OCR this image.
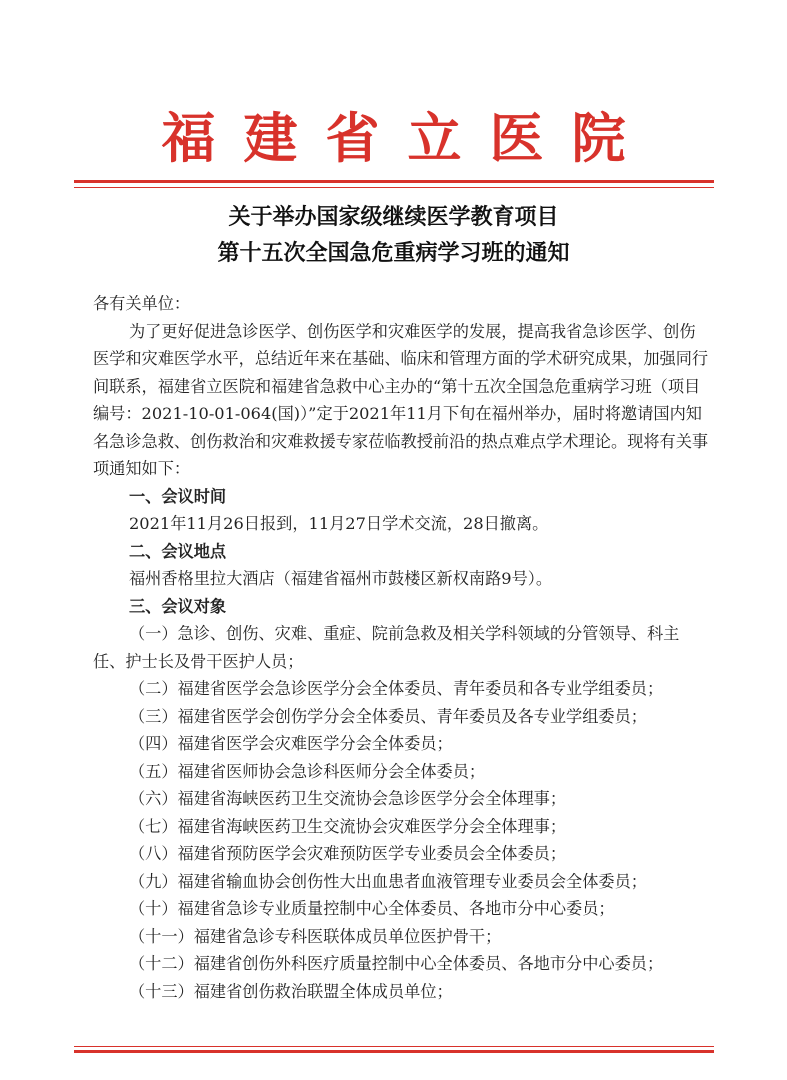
福建省立医院
关于举办国家级继续医学教育项目
第十五次全国急危重病学习班的通知

各有关单位：

为了更好促进急诊医学、创伤医学和灾难医学的发展，提高我省急诊医学、创伤医学和灾难医学水平，总结近年来在基础、临床和管理方面的学术研究成果，加强同行间联系，福建省立医院和福建省急救中心主办的“第十五次全国急危重病学习班（项目编号：2021-10-01-064(国)）”定于2021年11月下旬在福州举办，届时将邀请国内知名急诊急救、创伤救治和灾难救援专家莅临教授前沿的热点难点学术理论。现将有关事项通知如下：

一、会议时间

2021年11月26日报到，11月27日学术交流，28日撤离。

二、会议地点

福州香格里拉大酒店（福建省福州市鼓楼区新权南路9号）。

三、会议对象

（一）急诊、创伤、灾难、重症、院前急救及相关学科领域的分管领导、科主任、护士长及骨干医护人员；

（二）福建省医学会急诊医学分会全体委员、青年委员和各专业学组委员；

（三）福建省医学会创伤学分会全体委员、青年委员及各专业学组委员；

（四）福建省医学会灾难医学分会全体委员；

（五）福建省医师协会急诊科医师分会全体委员；

（六）福建省海峡医药卫生交流协会急诊医学分会全体理事；

（七）福建省海峡医药卫生交流协会灾难医学分会全体理事；

（八）福建省预防医学会灾难预防医学专业委员会全体委员；

（九）福建省输血协会创伤性大出血患者血液管理专业委员会全体委员；

（十）福建省急诊专业质量控制中心全体委员、各地市分中心委员；

（十一）福建省急诊专科医联体成员单位医护骨干；

（十二）福建省创伤外科医疗质量控制中心全体委员、各地市分中心委员；

（十三）福建省创伤救治联盟全体成员单位；
